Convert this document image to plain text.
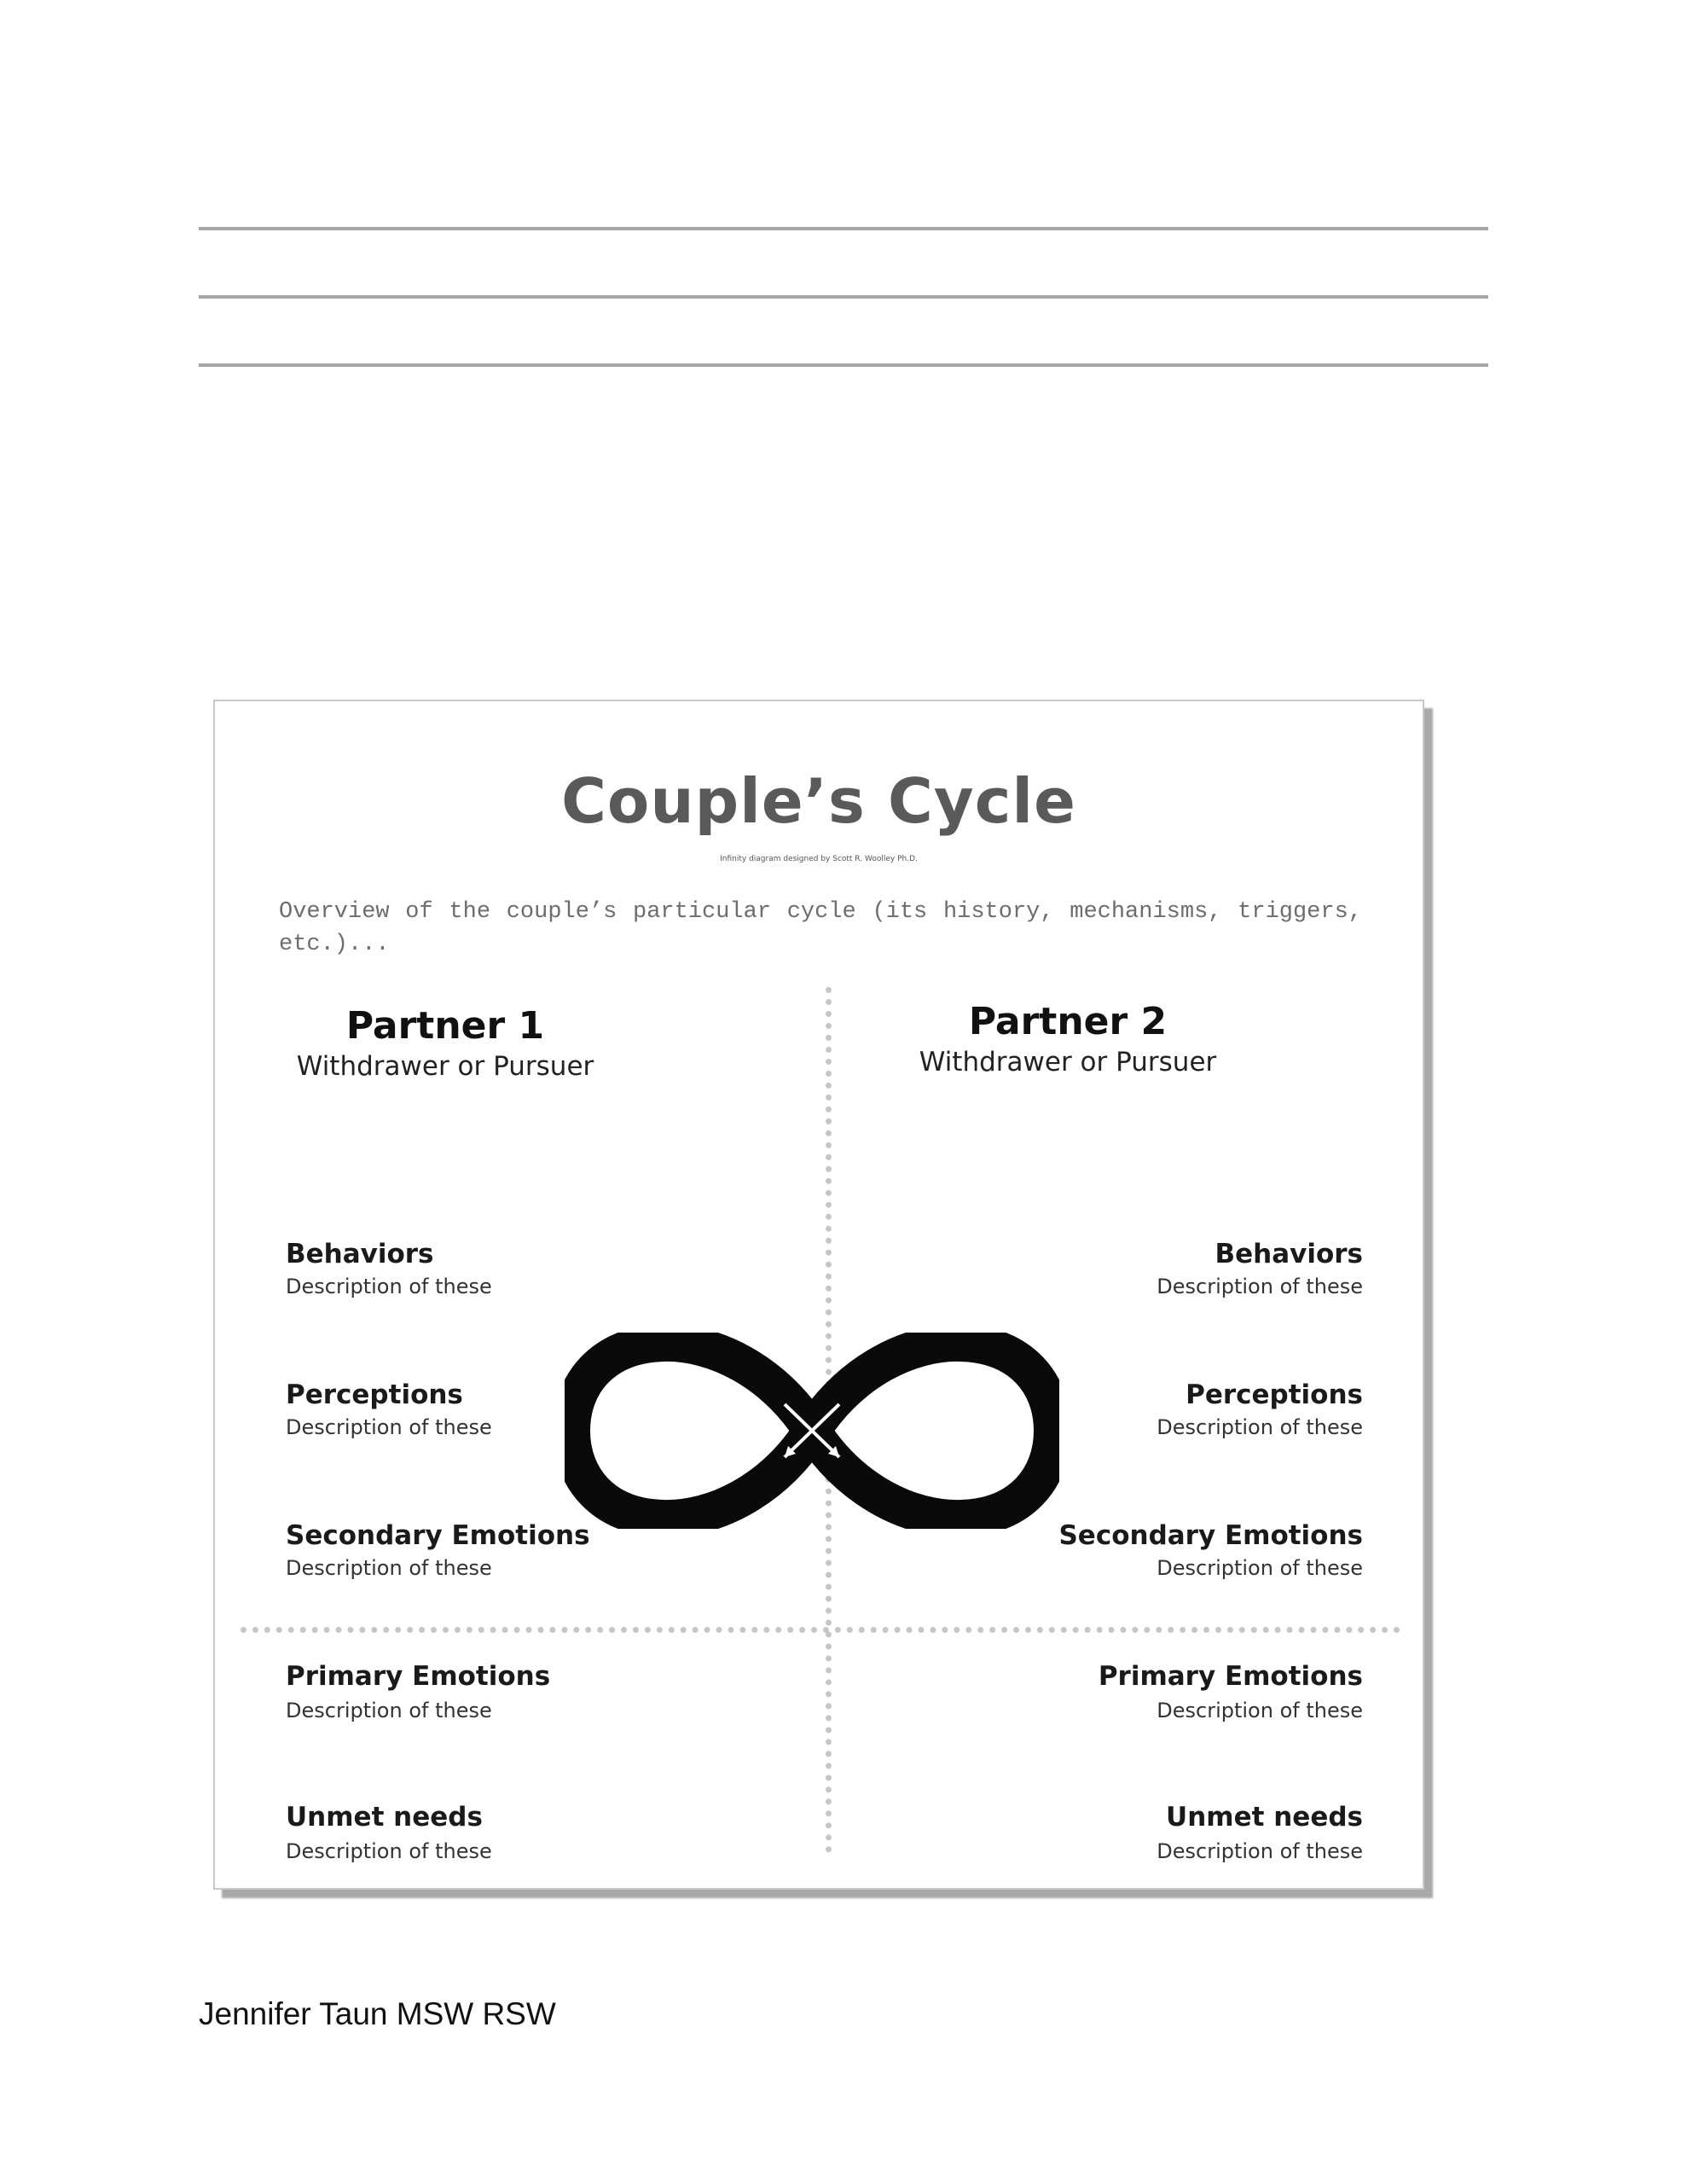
Couple’s Cycle
Infinity diagram designed by Scott R. Woolley Ph.D.
Overview of the couple’s particular cycle (its history, mechanisms, triggers, etc.)...
Partner 1
Withdrawer or Pursuer
Partner 2
Withdrawer or Pursuer
Behaviors
Description of these
Perceptions
Description of these
Secondary Emotions
Description of these
Primary Emotions
Description of these
Unmet needs
Description of these
Behaviors
Description of these
Perceptions
Description of these
Secondary Emotions
Description of these
Primary Emotions
Description of these
Unmet needs
Description of these
Jennifer Taun MSW RSW
